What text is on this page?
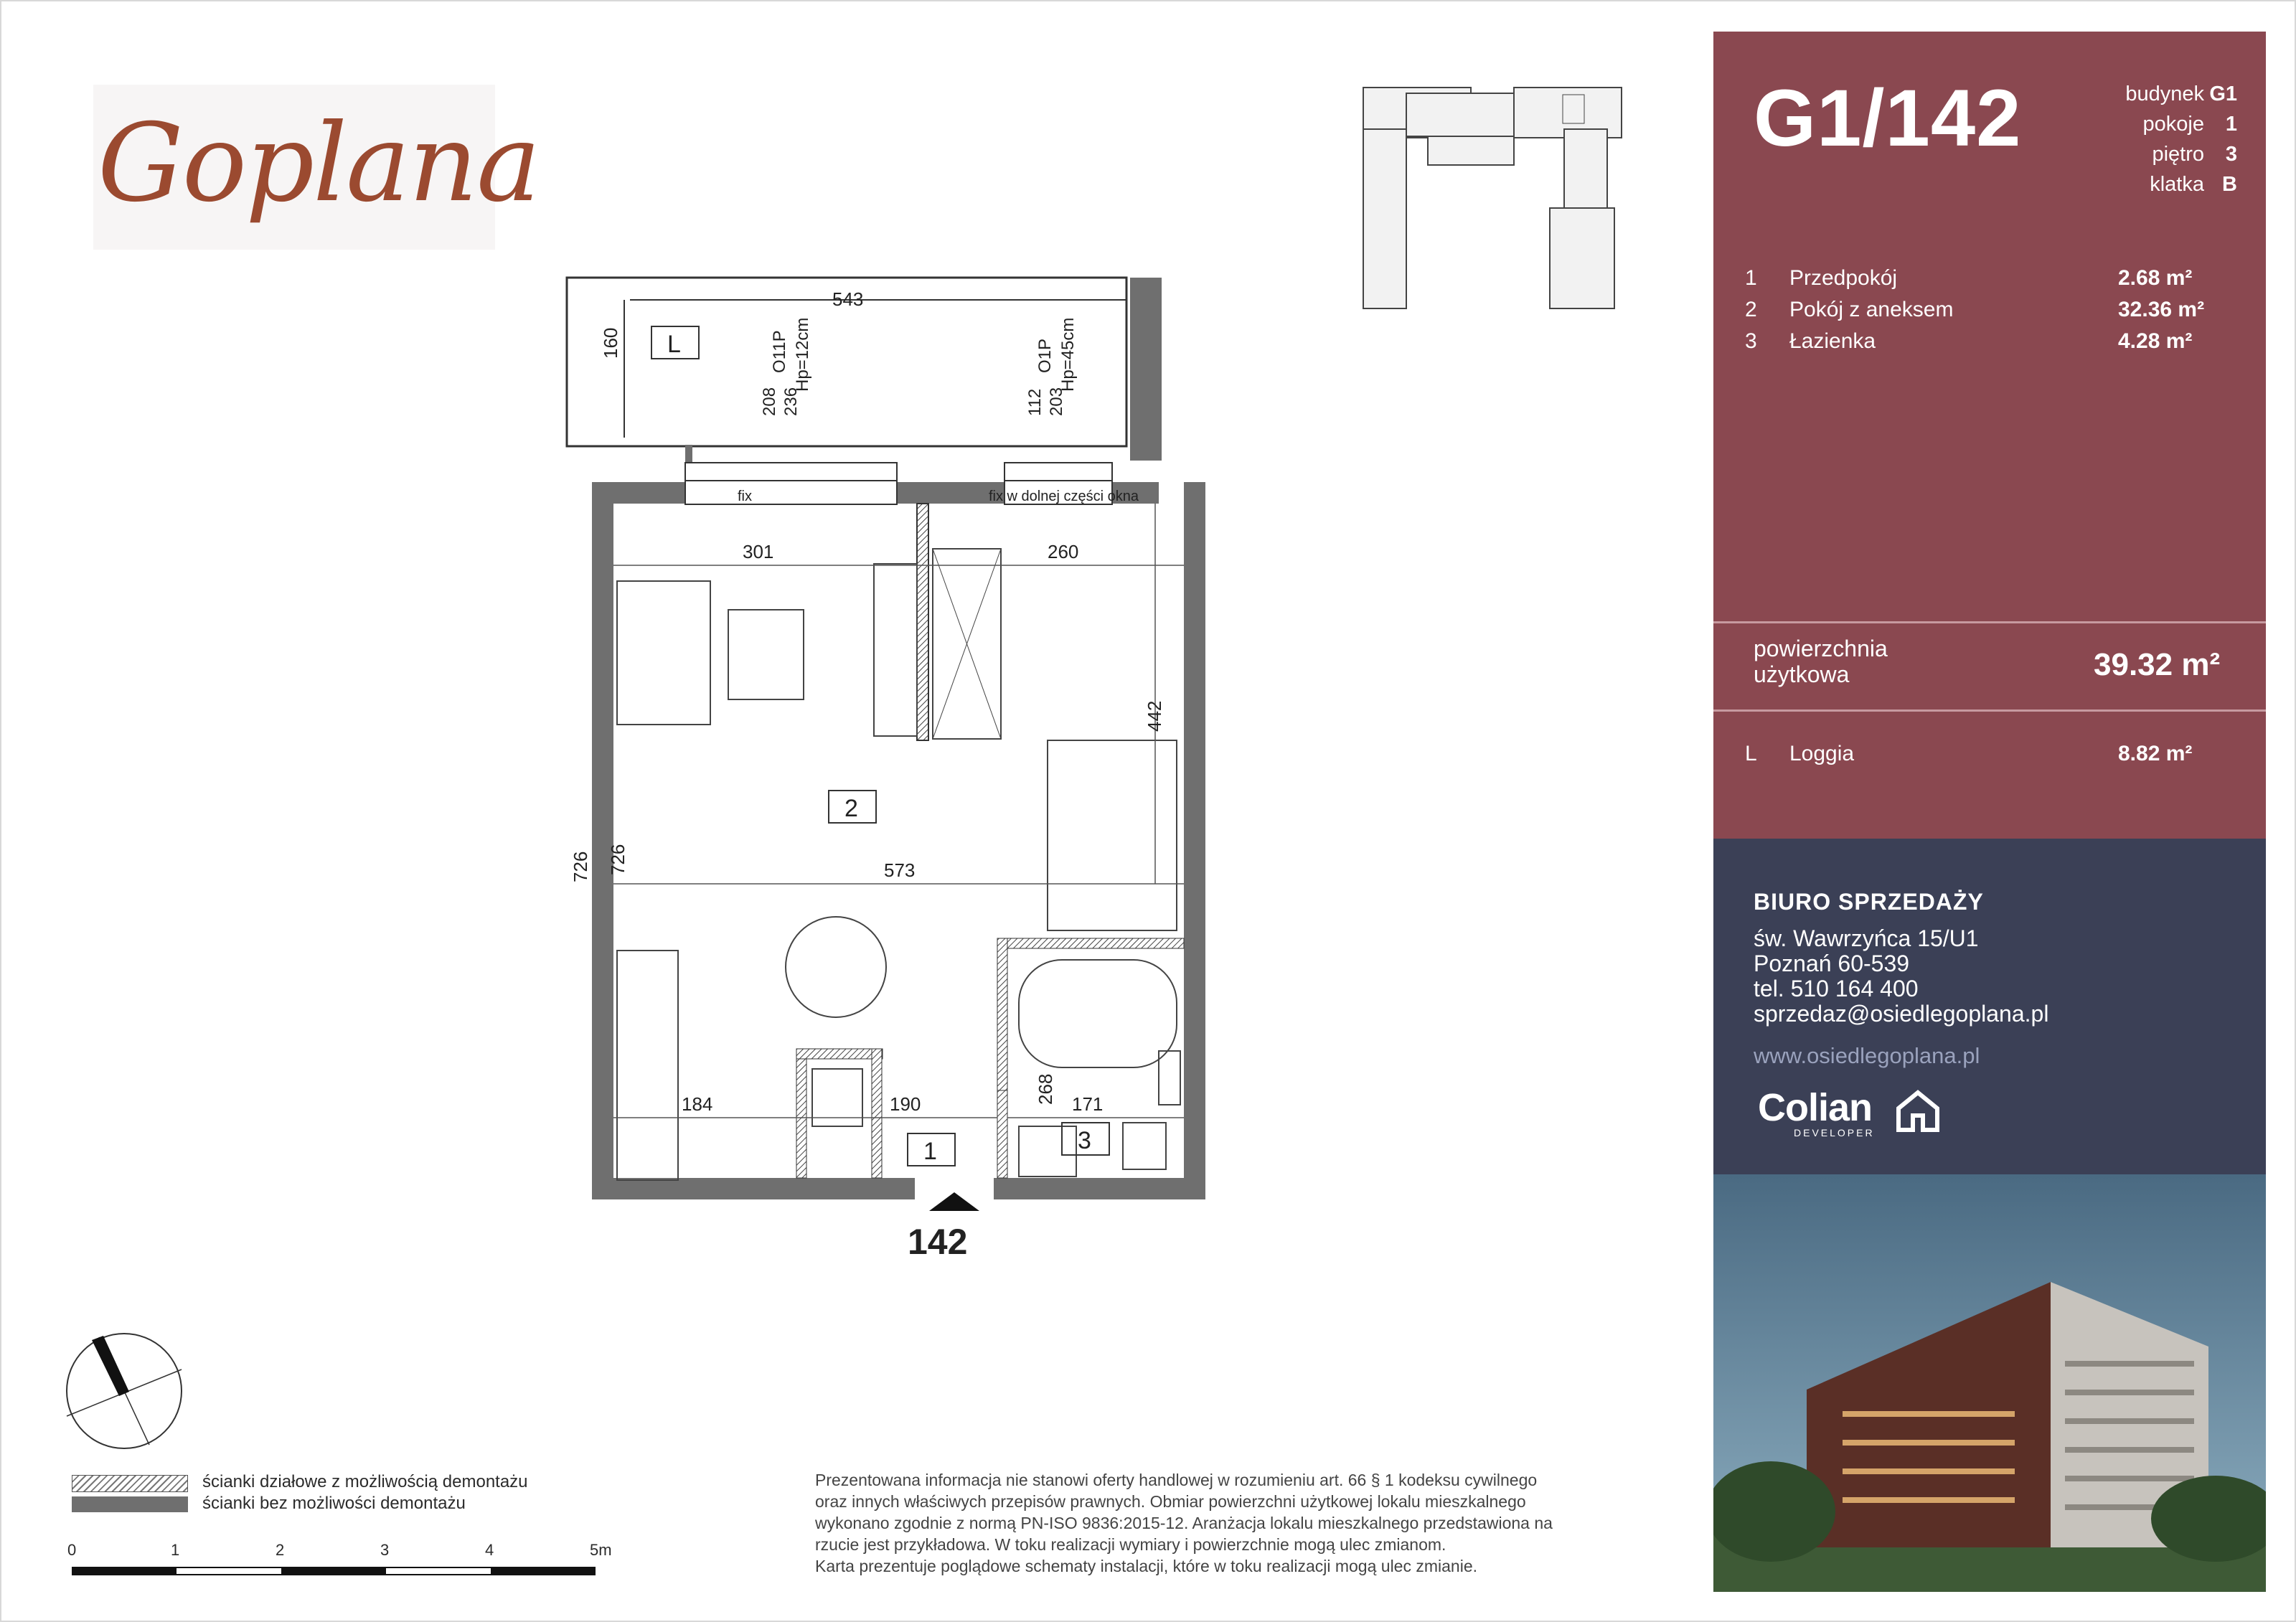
Goplana
543
160
301	260
442
573
726 726
184	190	268 171
208 236	112 203
O11P Hp=12cm	O1P Hp=45cm
fix	fix w dolnej części okna
L
2
1	3
142
G1/142	budynek G1
pokoje	1
piętro	3
klatka B
1	Przedpokój	2.68 m²
2	Pokój z aneksem	32.36 m²
3	Łazienka	4.28 m²
powierzchnia
użytkowa	39.32 m²
L	Loggia	8.82 m²
BIURO SPRZEDAŻY
św. Wawrzyńca 15/U1
Poznań 60-539
tel. 510 164 400
sprzedaz@osiedlegoplana.pl
www.osiedlegoplana.pl
Colian
DEVELOPER
ścianki działowe z możliwością demontażu
ścianki bez możliwości demontażu
0	1	2	3	4	5m
Prezentowana informacja nie stanowi oferty handlowej w rozumieniu art. 66 § 1 kodeksu cywilnego
oraz innych właściwych przepisów prawnych. Obmiar powierzchni użytkowej lokalu mieszkalnego
wykonano zgodnie z normą PN-ISO 9836:2015-12. Aranżacja lokalu mieszkalnego przedstawiona na
rzucie jest przykładowa. W toku realizacji wymiary i powierzchnie mogą ulec zmianom.
Karta prezentuje poglądowe schematy instalacji, które w toku realizacji mogą ulec zmianie.
